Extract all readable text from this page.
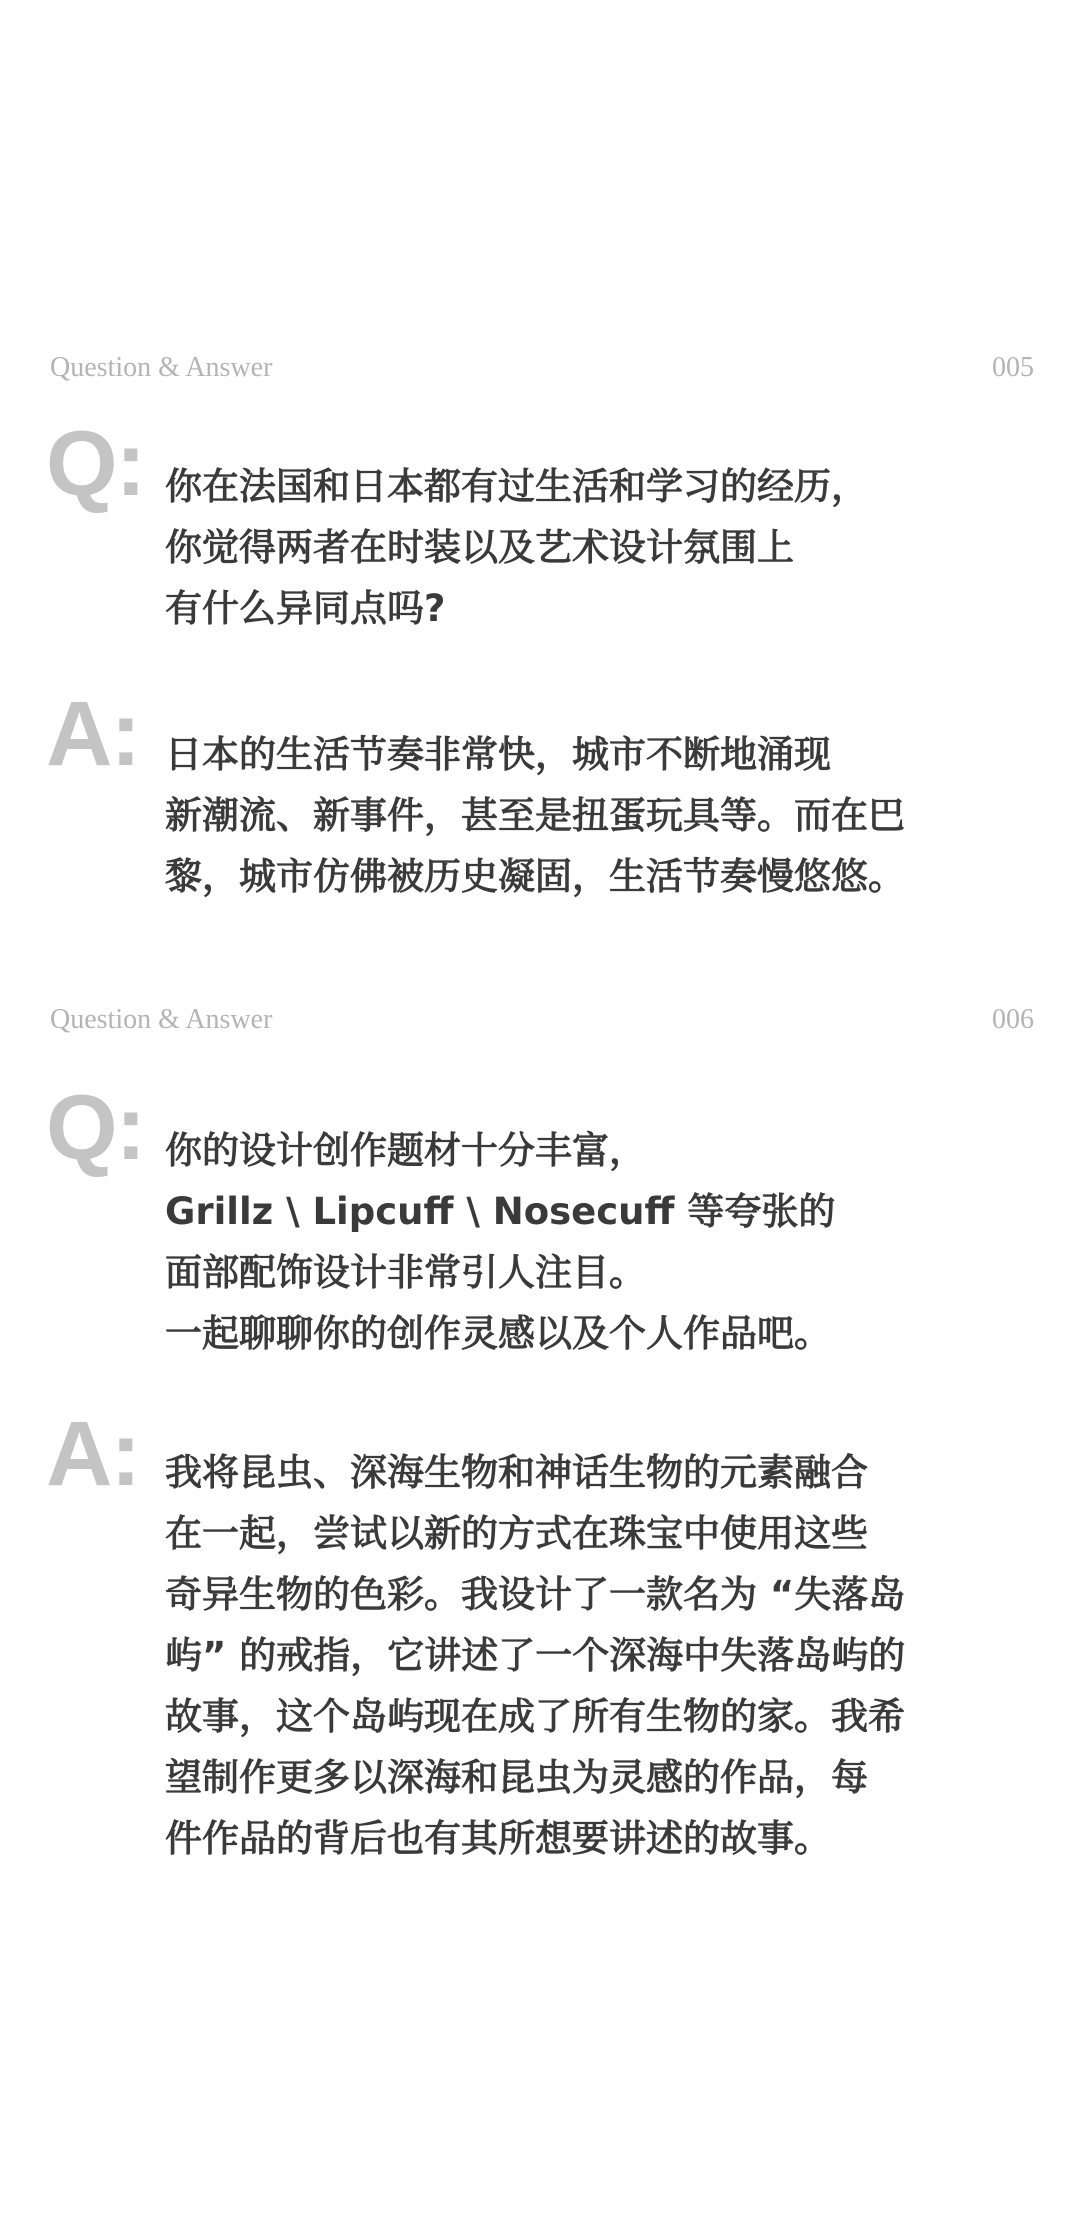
Question & Answer	005
Q: 你在法国和日本都有过生活和学习的经历，
你觉得两者在时装以及艺术设计氛围上
有什么异同点吗?
A: 日本的生活节奏非常快，城市不断地涌现
新潮流、新事件，甚至是扭蛋玩具等。而在巴
黎，城市仿佛被历史凝固，生活节奏慢悠悠。
Question & Answer	006
Q: 你的设计创作题材十分丰富，
Grillz \ Lipcuff \ Nosecuff 等夸张的
面部配饰设计非常引人注目。
一起聊聊你的创作灵感以及个人作品吧。
A: 我将昆虫、深海生物和神话生物的元素融合
在一起，尝试以新的方式在珠宝中使用这些
奇异生物的色彩。我设计了一款名为 “失落岛
屿” 的戒指，它讲述了一个深海中失落岛屿的
故事，这个岛屿现在成了所有生物的家。我希
望制作更多以深海和昆虫为灵感的作品，每
件作品的背后也有其所想要讲述的故事。
